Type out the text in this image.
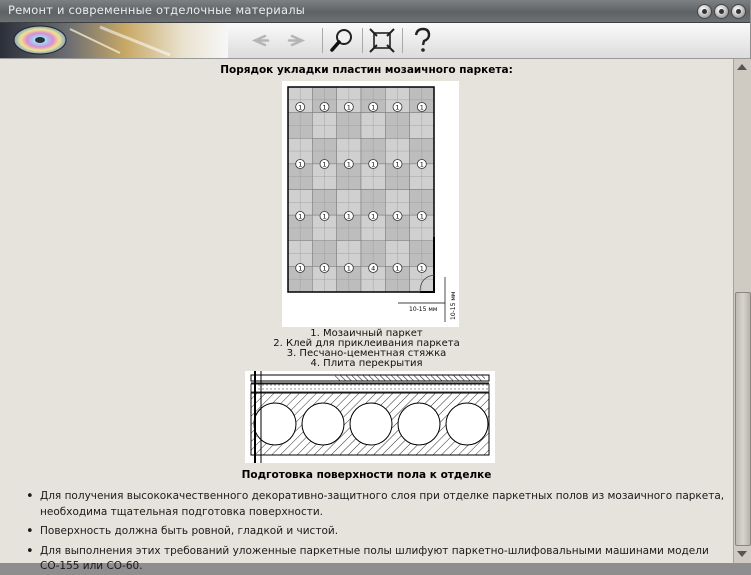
Ремонт и современные отделочные материалы
Порядок укладки пластин мозаичного паркета:
1	1	1	1	1	1
1	1	1	1	1	1
1	1	1	1	1	1
1	1	1	4	1	1
10-15 мм 10-15 мм
1. Мозаичный паркет
2. Клей для приклеивания паркета
3. Песчано-цементная стяжка
4. Плита перекрытия
Подготовка поверхности пола к отделке
• Для получения высококачественного декоративно-защитного слоя при отделке паркетных полов из мозаичного паркета, необходима тщательная подготовка поверхности.
• Поверхность должна быть ровной, гладкой и чистой.
• Для выполнения этих требований уложенные паркетные полы шлифуют паркетно-шлифовальными машинами модели СО-155 или СО-60.
